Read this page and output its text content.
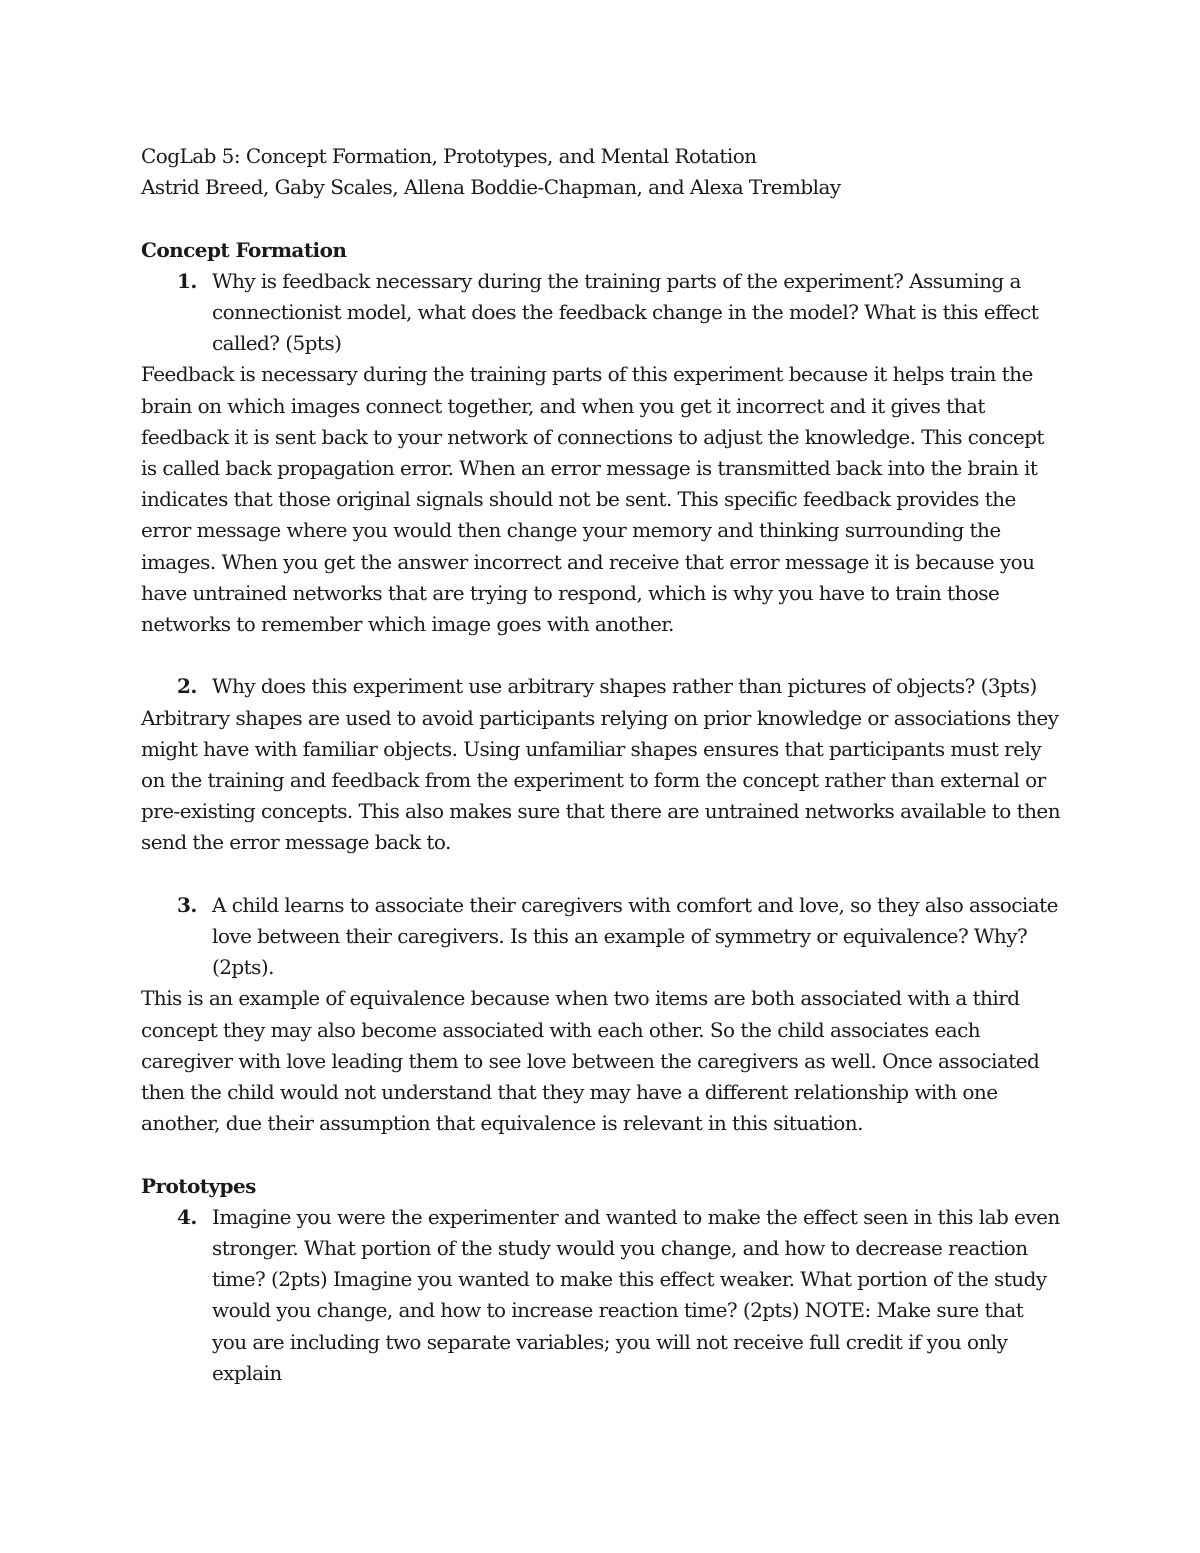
CogLab 5: Concept Formation, Prototypes, and Mental Rotation
Astrid Breed, Gaby Scales, Allena Boddie-Chapman, and Alexa Tremblay
Concept Formation
1. Why is feedback necessary during the training parts of the experiment? Assuming a connectionist model, what does the feedback change in the model? What is this effect called? (5pts)

Feedback is necessary during the training parts of this experiment because it helps train the brain on which images connect together, and when you get it incorrect and it gives that feedback it is sent back to your network of connections to adjust the knowledge. This concept is called back propagation error. When an error message is transmitted back into the brain it indicates that those original signals should not be sent. This specific feedback provides the error message where you would then change your memory and thinking surrounding the images. When you get the answer incorrect and receive that error message it is because you have untrained networks that are trying to respond, which is why you have to train those networks to remember which image goes with another.

2. Why does this experiment use arbitrary shapes rather than pictures of objects? (3pts)

Arbitrary shapes are used to avoid participants relying on prior knowledge or associations they might have with familiar objects. Using unfamiliar shapes ensures that participants must rely on the training and feedback from the experiment to form the concept rather than external or pre-existing concepts. This also makes sure that there are untrained networks available to then send the error message back to.

3. A child learns to associate their caregivers with comfort and love, so they also associate love between their caregivers. Is this an example of symmetry or equivalence? Why? (2pts).

This is an example of equivalence because when two items are both associated with a third concept they may also become associated with each other. So the child associates each caregiver with love leading them to see love between the caregivers as well. Once associated then the child would not understand that they may have a different relationship with one another, due their assumption that equivalence is relevant in this situation.

Prototypes
4. Imagine you were the experimenter and wanted to make the effect seen in this lab even stronger. What portion of the study would you change, and how to decrease reaction time? (2pts) Imagine you wanted to make this effect weaker. What portion of the study would you change, and how to increase reaction time? (2pts) NOTE: Make sure that you are including two separate variables; you will not receive full credit if you only explain
